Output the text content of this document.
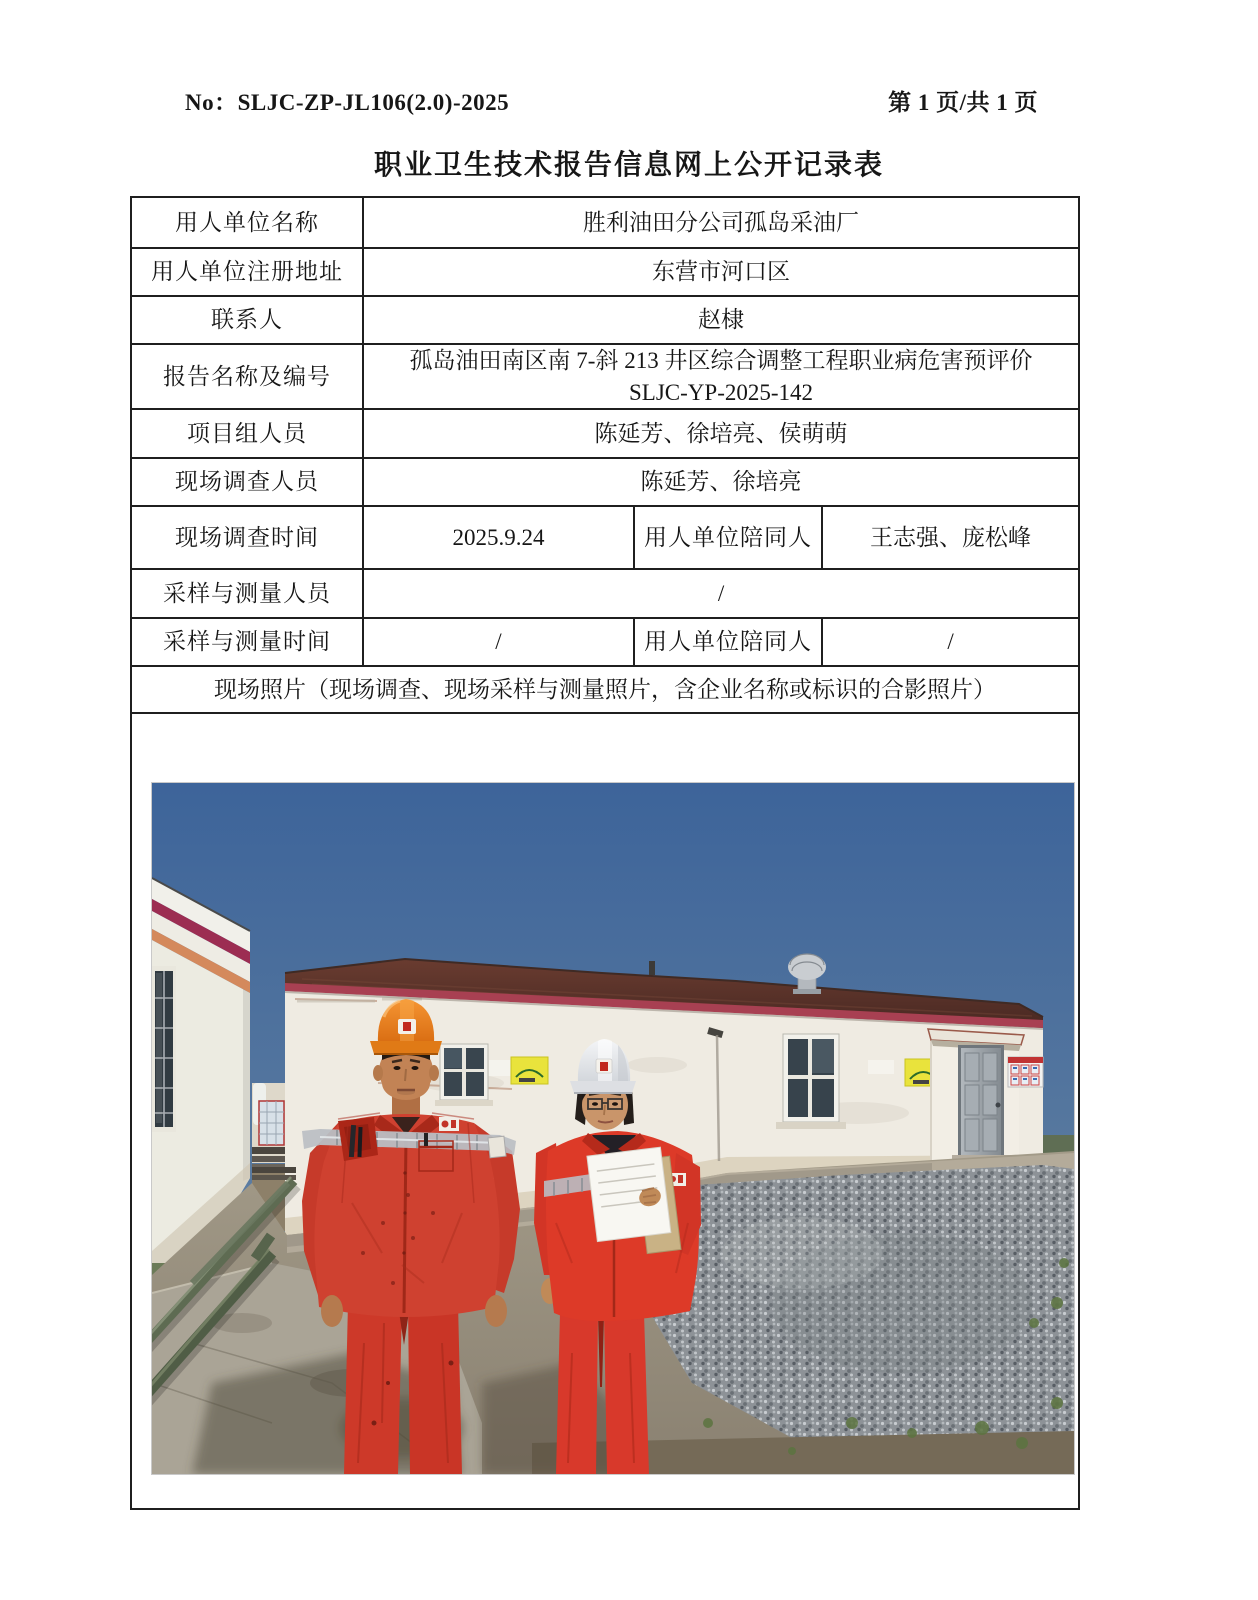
No：SLJC-ZP-JL106(2.0)-2025	第 1 页/共 1 页
职业卫生技术报告信息网上公开记录表
用人单位名称	胜利油田分公司孤岛采油厂		
用人单位注册地址	东营市河口区		
联系人	赵棣		
报告名称及编号	孤岛油田南区南 7-斜 213 井区综合调整工程职业病危害预评价
SLJC-YP-2025-142		

项目组人员	陈延芳、徐培亮、侯萌萌		
现场调查人员	陈延芳、徐培亮		
现场调查时间	2025.9.24	用人单位陪同人	王志强、庞松峰
采样与测量人员	/		
采样与测量时间	/	用人单位陪同人	/
现场照片（现场调查、现场采样与测量照片，含企业名称或标识的合影照片）			
